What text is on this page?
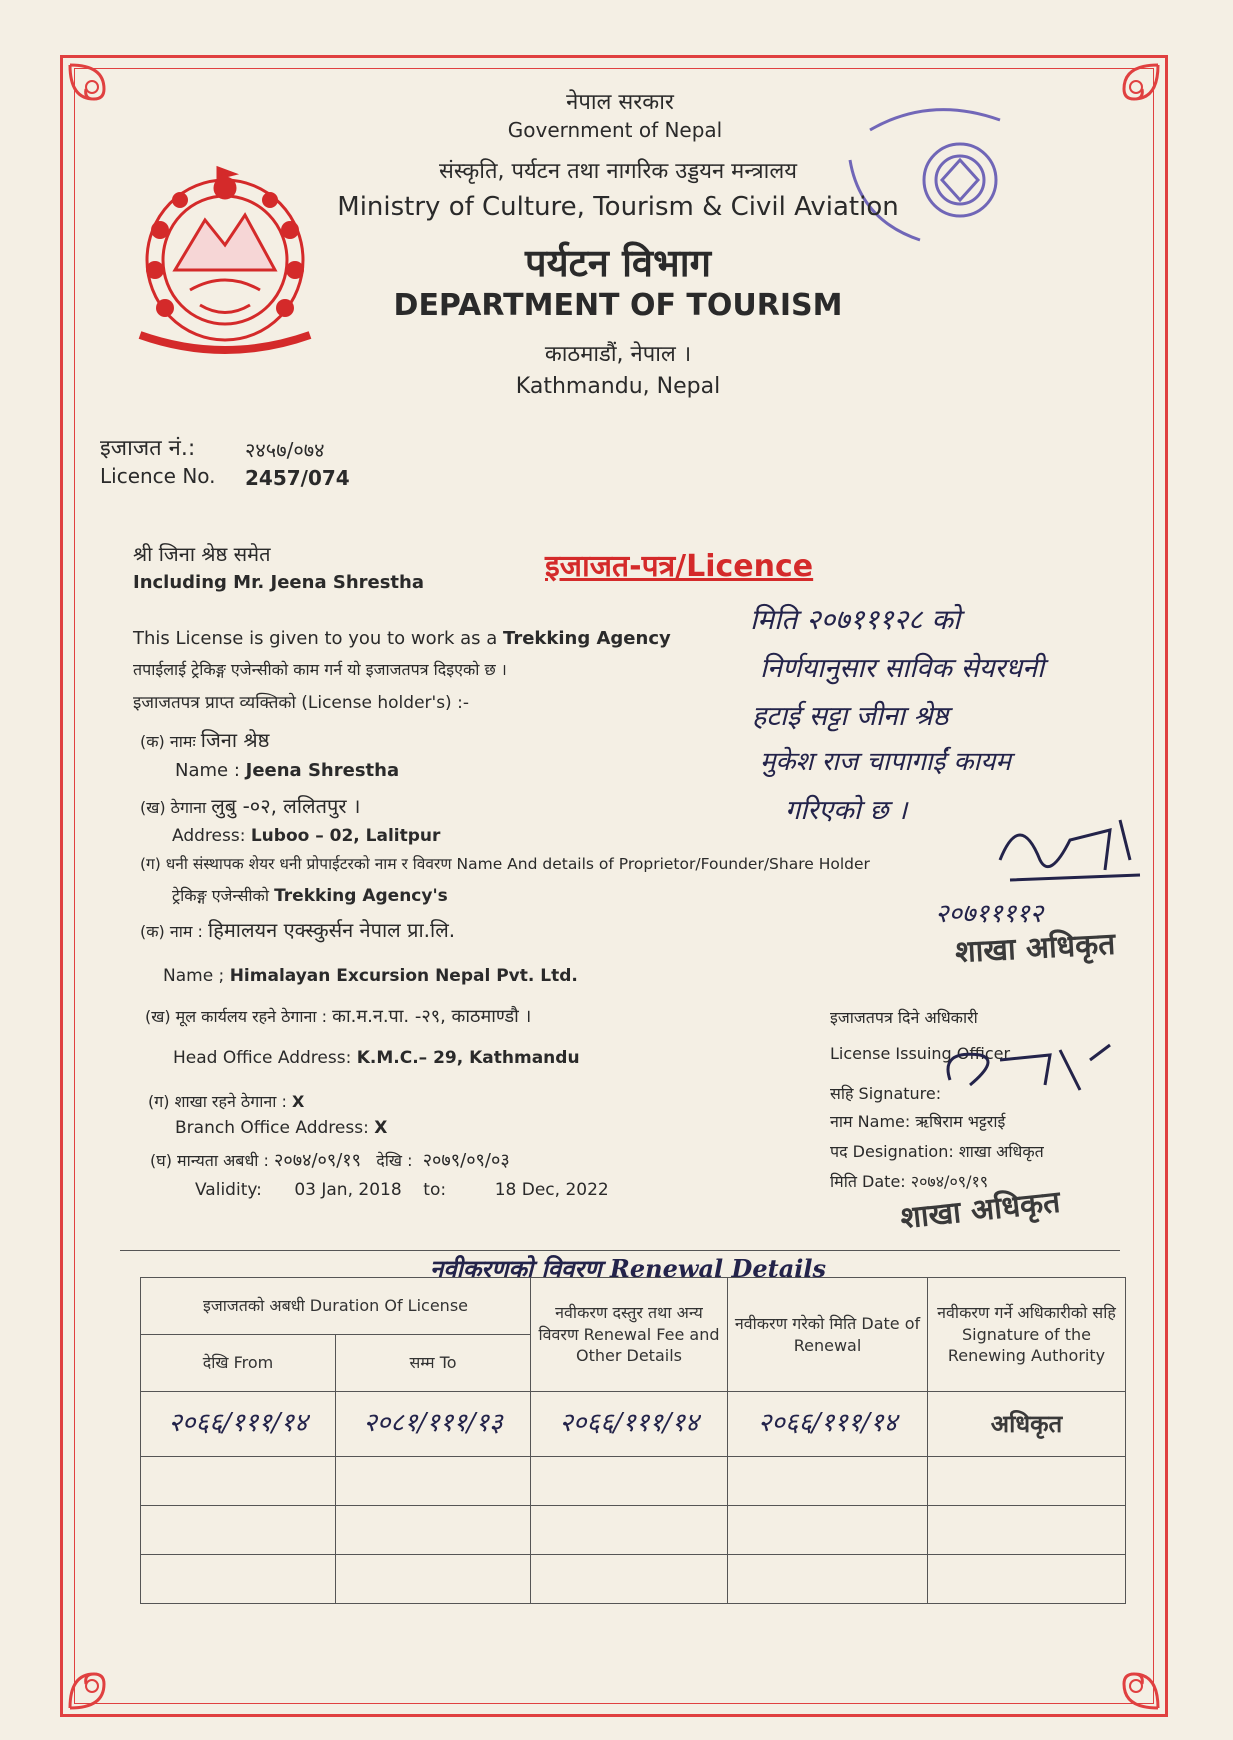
नेपाल सरकार
Government of Nepal
संस्कृति, पर्यटन तथा नागरिक उड्डयन मन्त्रालय
Ministry of Culture, Tourism & Civil Aviation
पर्यटन विभाग
DEPARTMENT OF TOURISM
काठमाडौं, नेपाल ।
Kathmandu, Nepal
इजाजत नं.: २४५७/०७४
Licence No. 2457/074
श्री जिना श्रेष्ठ समेत
Including Mr. Jeena Shrestha	इजाजत-पत्र/Licence
This License is given to you to work as a Trekking Agency
तपाईलाई ट्रेकिङ्ग एजेन्सीको काम गर्न यो इजाजतपत्र दिइएको छ ।
इजाजतपत्र प्राप्त व्यक्तिको (License holder's) :-
(क) नामः जिना श्रेष्ठ
Name : Jeena Shrestha
(ख) ठेगाना लुबु -०२, ललितपुर ।
Address: Luboo – 02, Lalitpur
(ग) धनी संस्थापक शेयर धनी प्रोपाईटरको नाम र विवरण Name And details of Proprietor/Founder/Share Holder
ट्रेकिङ्ग एजेन्सीको Trekking Agency's
(क) नाम : हिमालयन एक्स्कुर्सन नेपाल प्रा.लि.
Name ; Himalayan Excursion Nepal Pvt. Ltd.
(ख) मूल कार्यलय रहने ठेगाना : का.म.न.पा. -२९, काठमाण्डौ ।
Head Office Address: K.M.C.– 29, Kathmandu
(ग) शाखा रहने ठेगाना : X
Branch Office Address: X
(घ) मान्यता अबधी : २०७४/०९/१९ देखि : २०७९/०९/०३
Validity: 03 Jan, 2018 to:	18 Dec, 2022
इजाजतपत्र दिने अधिकारी
License Issuing Officer
सहि Signature:
नाम Name: ऋषिराम भट्टराई
पद Designation: शाखा अधिकृत
मिति Date: २०७४/०९/१९
शाखा अधिकृत
मिति २०७१११२८ को
निर्णयानुसार साविक सेयरधनी
हटाई सट्टा जीना श्रेष्ठ
मुकेश राज चापागाईं कायम
गरिएको छ ।
२०७११११२
शाखा अधिकृत
नवीकरणको विवरण Renewal Details
इजाजतको अबधी Duration Of License		नवीकरण दस्तुर तथा अन्य विवरण Renewal Fee and Other Details	नवीकरण गरेको मिति Date of Renewal	नवीकरण गर्ने अधिकारीको सहि Signature of the Renewing Authority
देखि From	सम्म To			
२०६६/१११/१४	२०८१/१११/१३	२०६६/१११/१४	२०६६/१११/१४	अधिकृत
